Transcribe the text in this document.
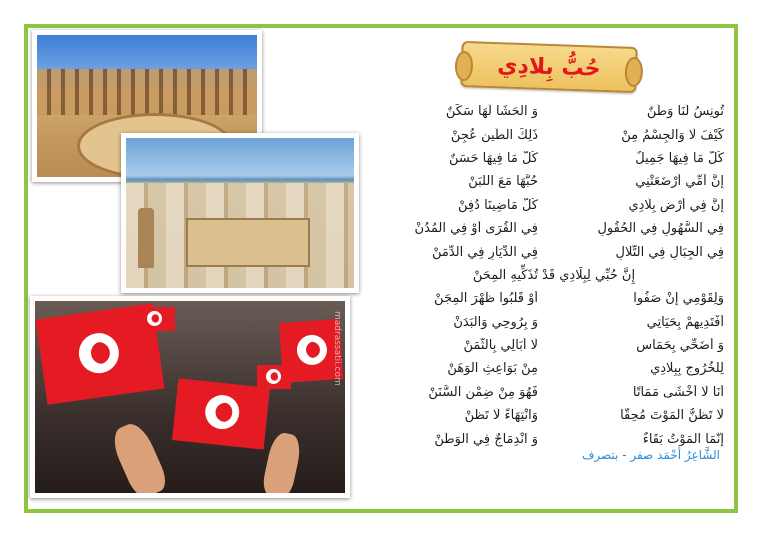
madrassatii.com
حُبُّ بِلادِي
تُونِسُ لَنَا وَطَنٌ
وَ الحَشَا لَهَا سَكَنٌ
كَيْفَ لَا وَالجِسْمُ مِنْ
ذَلِكَ الطِّينِ عُجِنْ
كُلُّ مَا فِيهَا جَمِيلٌ
كُلُّ مَا فِيهَا حَسَنٌ
إِنَّ أُمِّي أَرْضَعَتْنِي
حُبَّهَا مَعَ اللَّبَنْ
إِنَّ فِي أَرْضِ بِلَادِي
كُلُّ مَاضِينَا دُفِنْ
فِي السُّهُولِ فِي الحُقُولِ
فِي القُرَى أَوْ فِي المُدُنْ
فِي الجِبَالِ فِي التِّلَالِ
فِي الدِّيَارِ فِي الدِّمَنْ
إِنَّ حُبِّي لِبِلَادِي قَدْ تُذَكِّيهِ المِحَنْ
وَلِقَوْمِي إِنْ صَفُوا
أَوْ قَلَبُوا ظَهْرَ المِجَنْ
أَفْتَدِيهِمْ بِحَيَاتِي
وَ بِرُوحِي وَالبَدَنْ
وَ أُضَحِّي بِحَمَاسٍ
لَا أُبَالِي بِالثَّمَنْ
لِلْخُرُوجِ بِبِلَادِي
مِنْ بَوَاعِثِ الوَهَنْ
أَنَا لَا أَخْشَى مَمَاتًا
فَهُوَ مِنْ ضِمْنِ السُّنَنْ
لَا تَظُنُّ المَوْتَ مُحِقًّا
وَانْتِهَاءً لَا تَظُنْ
إِنَّمَا المَوْتُ بَقَاءٌ
وَ انْدِمَاجٌ فِي الوَطَنْ
الشَّاعِرُ أَحْمَد صفر - بتصرف
